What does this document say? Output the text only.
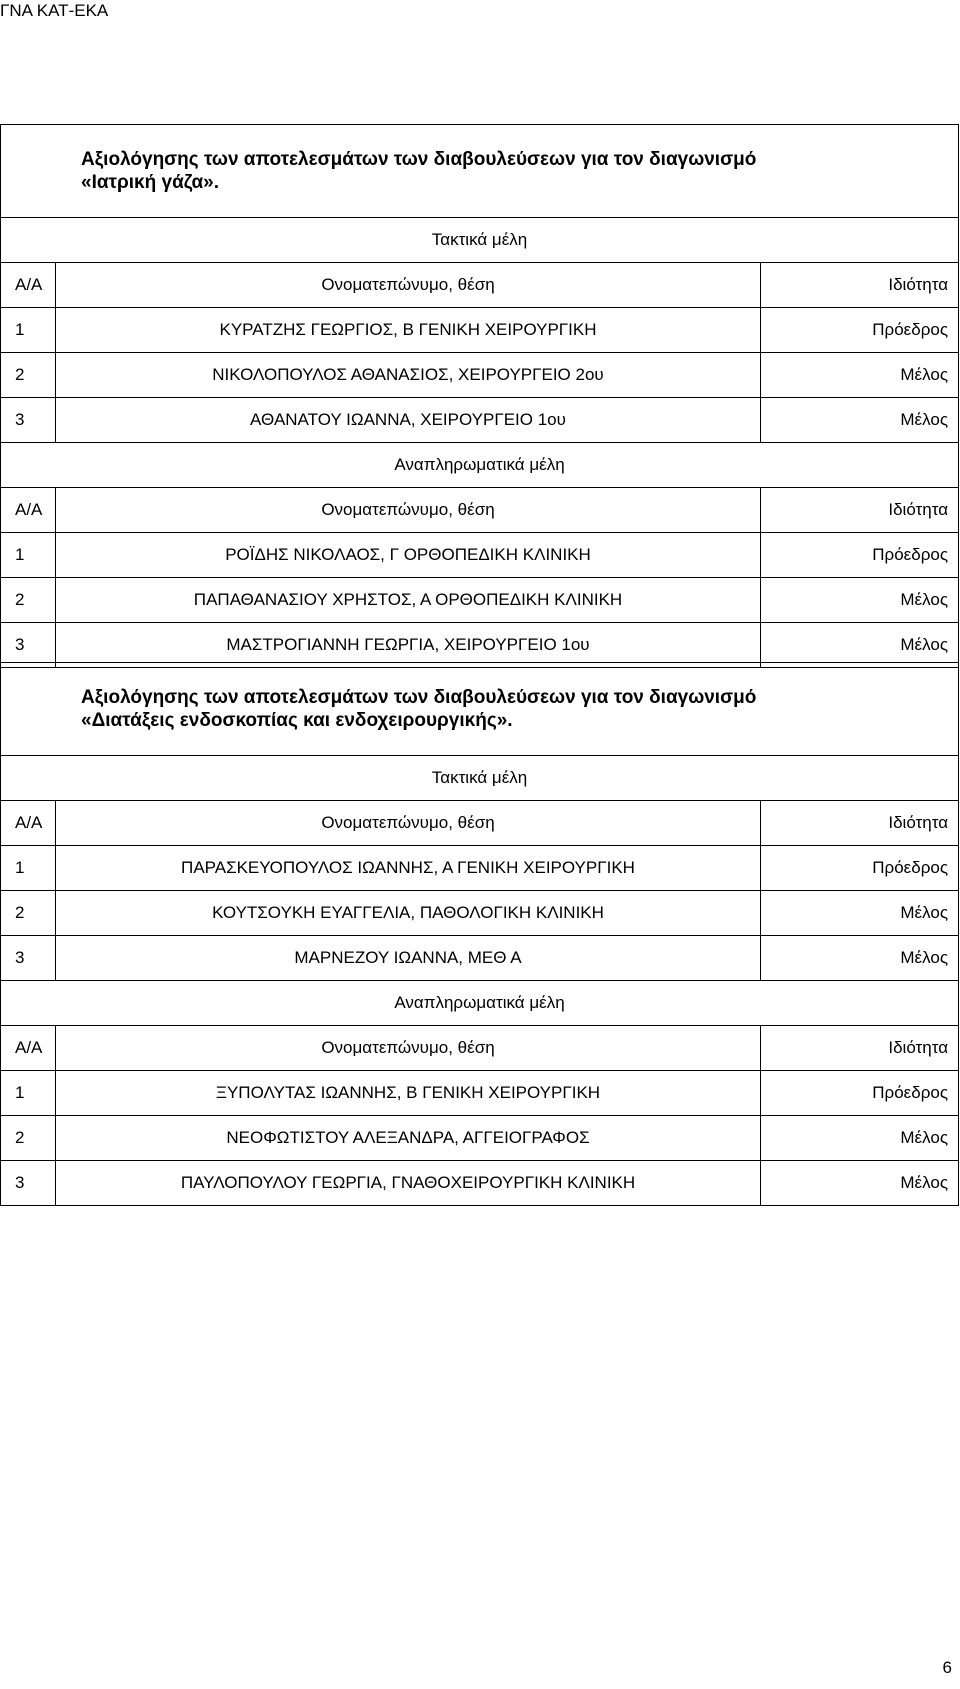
ΓΝΑ ΚΑΤ-ΕΚΑ
Αξιολόγησης των αποτελεσμάτων των διαβουλεύσεων για τον διαγωνισμό
«Ιατρική γάζα».		

Τακτικά μέλη		
Α/Α	Ονοματεπώνυμο, θέση	Ιδιότητα
1	ΚΥΡΑΤΖΗΣ ΓΕΩΡΓΙΟΣ, Β ΓΕΝΙΚΗ ΧΕΙΡΟΥΡΓΙΚΗ	Πρόεδρος
2	ΝΙΚΟΛΟΠΟΥΛΟΣ ΑΘΑΝΑΣΙΟΣ, ΧΕΙΡΟΥΡΓΕΙΟ 2ου	Μέλος
3	ΑΘΑΝΑΤΟΥ ΙΩΑΝΝΑ, ΧΕΙΡΟΥΡΓΕΙΟ 1ου	Μέλος
Αναπληρωματικά μέλη		
Α/Α	Ονοματεπώνυμο, θέση	Ιδιότητα
1	ΡΟΪΔΗΣ ΝΙΚΟΛΑΟΣ, Γ ΟΡΘΟΠΕΔΙΚΗ ΚΛΙΝΙΚΗ	Πρόεδρος
2	ΠΑΠΑΘΑΝΑΣΙΟΥ ΧΡΗΣΤΟΣ, Α ΟΡΘΟΠΕΔΙΚΗ ΚΛΙΝΙΚΗ	Μέλος
3	ΜΑΣΤΡΟΓΙΑΝΝΗ ΓΕΩΡΓΙΑ, ΧΕΙΡΟΥΡΓΕΙΟ 1ου	Μέλος
Αξιολόγησης των αποτελεσμάτων των διαβουλεύσεων για τον διαγωνισμό
«Διατάξεις ενδοσκοπίας και ενδοχειρουργικής».		

Τακτικά μέλη		
Α/Α	Ονοματεπώνυμο, θέση	Ιδιότητα
1	ΠΑΡΑΣΚΕΥΟΠΟΥΛΟΣ ΙΩΑΝΝΗΣ, Α ΓΕΝΙΚΗ ΧΕΙΡΟΥΡΓΙΚΗ	Πρόεδρος
2	ΚΟΥΤΣΟΥΚΗ ΕΥΑΓΓΕΛΙΑ, ΠΑΘΟΛΟΓΙΚΗ ΚΛΙΝΙΚΗ	Μέλος
3	ΜΑΡΝΕΖΟΥ ΙΩΑΝΝΑ, ΜΕΘ Α	Μέλος
Αναπληρωματικά μέλη		
Α/Α	Ονοματεπώνυμο, θέση	Ιδιότητα
1	ΞΥΠΟΛΥΤΑΣ ΙΩΑΝΝΗΣ, Β ΓΕΝΙΚΗ ΧΕΙΡΟΥΡΓΙΚΗ	Πρόεδρος
2	ΝΕΟΦΩΤΙΣΤΟΥ ΑΛΕΞΑΝΔΡΑ, ΑΓΓΕΙΟΓΡΑΦΟΣ	Μέλος
3	ΠΑΥΛΟΠΟΥΛΟΥ ΓΕΩΡΓΙΑ, ΓΝΑΘΟΧΕΙΡΟΥΡΓΙΚΗ ΚΛΙΝΙΚΗ	Μέλος
6
